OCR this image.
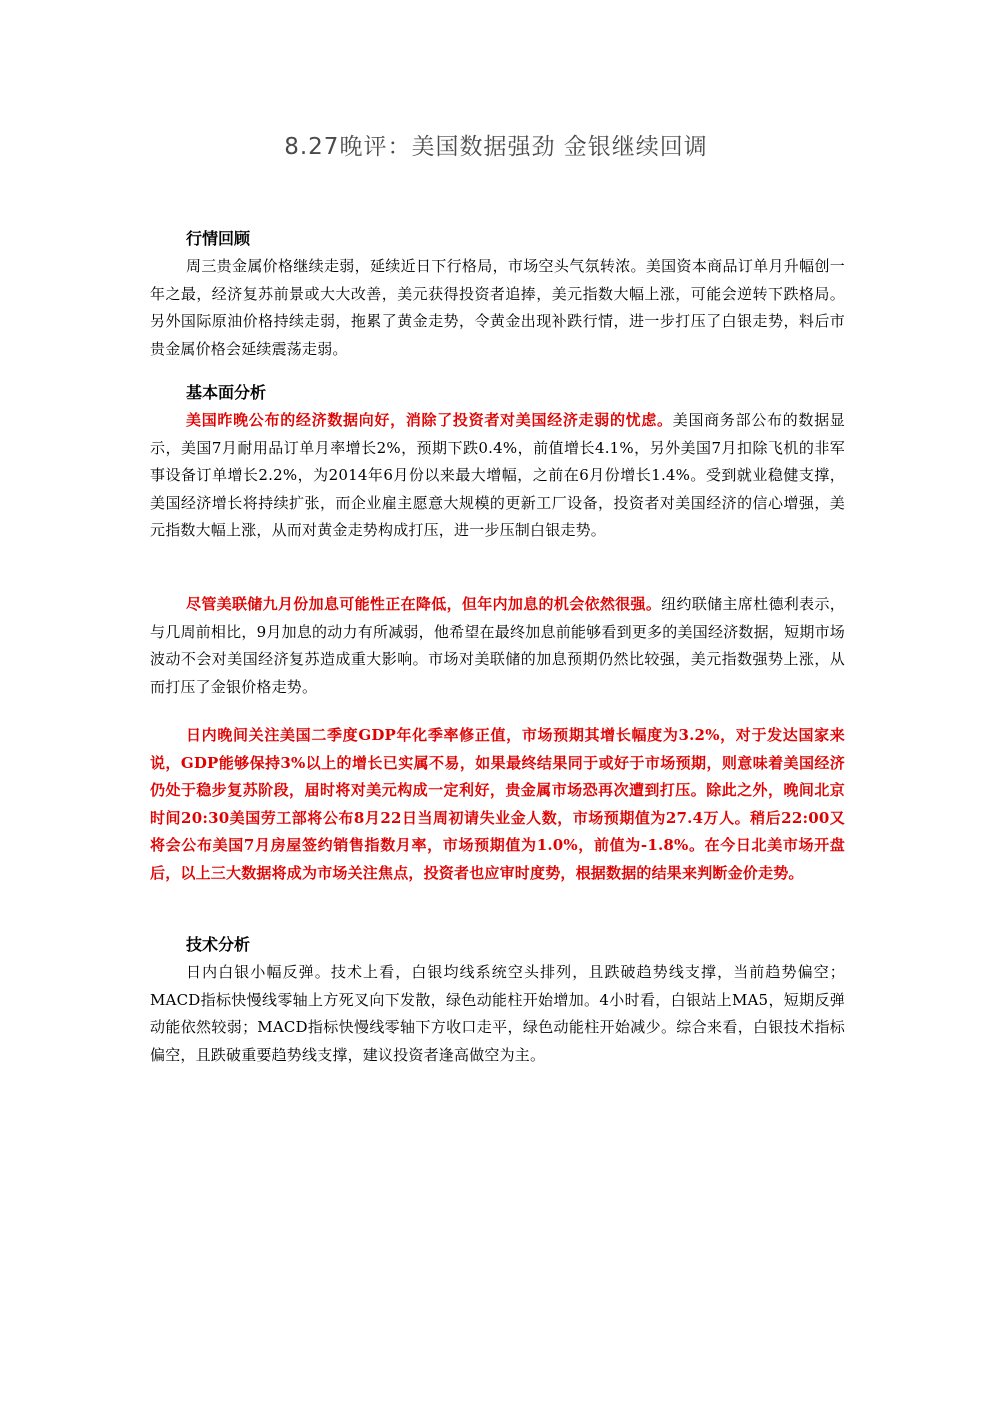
8.27晚评：美国数据强劲 金银继续回调
行情回顾

周三贵金属价格继续走弱，延续近日下行格局，市场空头气氛转浓。美国资本商品订单月升幅创一年之最，经济复苏前景或大大改善，美元获得投资者追捧，美元指数大幅上涨，可能会逆转下跌格局。另外国际原油价格持续走弱，拖累了黄金走势，令黄金出现补跌行情，进一步打压了白银走势，料后市贵金属价格会延续震荡走弱。

基本面分析

美国昨晚公布的经济数据向好，消除了投资者对美国经济走弱的忧虑。美国商务部公布的数据显示，美国7月耐用品订单月率增长2%，预期下跌0.4%，前值增长4.1%，另外美国7月扣除飞机的非军事设备订单增长2.2%，为2014年6月份以来最大增幅，之前在6月份增长1.4%。受到就业稳健支撑，美国经济增长将持续扩张，而企业雇主愿意大规模的更新工厂设备，投资者对美国经济的信心增强，美元指数大幅上涨，从而对黄金走势构成打压，进一步压制白银走势。

尽管美联储九月份加息可能性正在降低，但年内加息的机会依然很强。纽约联储主席杜德利表示，与几周前相比，9月加息的动力有所减弱，他希望在最终加息前能够看到更多的美国经济数据，短期市场波动不会对美国经济复苏造成重大影响。市场对美联储的加息预期仍然比较强，美元指数强势上涨，从而打压了金银价格走势。

日内晚间关注美国二季度GDP年化季率修正值，市场预期其增长幅度为3.2%，对于发达国家来说，GDP能够保持3%以上的增长已实属不易，如果最终结果同于或好于市场预期，则意味着美国经济仍处于稳步复苏阶段，届时将对美元构成一定利好，贵金属市场恐再次遭到打压。除此之外，晚间北京时间20:30美国劳工部将公布8月22日当周初请失业金人数，市场预期值为27.4万人。稍后22:00又将会公布美国7月房屋签约销售指数月率，市场预期值为1.0%，前值为-1.8%。在今日北美市场开盘后，以上三大数据将成为市场关注焦点，投资者也应审时度势，根据数据的结果来判断金价走势。

技术分析

日内白银小幅反弹。技术上看，白银均线系统空头排列，且跌破趋势线支撑，当前趋势偏空；MACD指标快慢线零轴上方死叉向下发散，绿色动能柱开始增加。4小时看，白银站上MA5，短期反弹动能依然较弱；MACD指标快慢线零轴下方收口走平，绿色动能柱开始减少。综合来看，白银技术指标偏空，且跌破重要趋势线支撑，建议投资者逢高做空为主。
